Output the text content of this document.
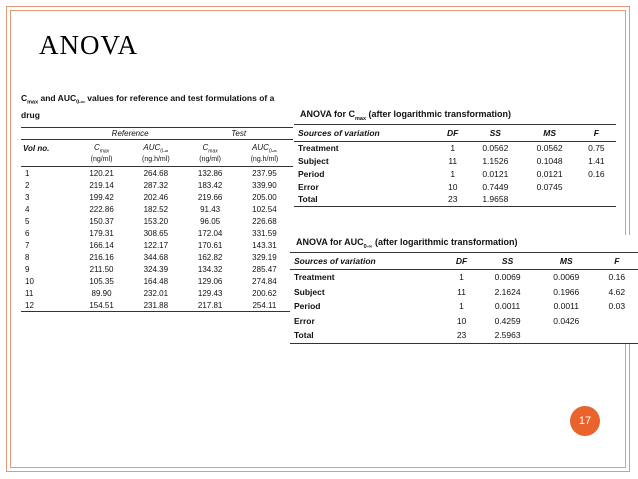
ANOVA
$C_{max}$ and $AUC_{0-\infty}$ values for reference and test formulations of a drug
	Reference		Test	
Vol no.	$C_{max}$	$AUC_{0-\infty}$	$C_{max}$	$AUC_{0-\infty}$
	(ng/ml)	(ng.h/ml)	(ng/ml)	(ng.h/ml)
1	120.21	264.68	132.86	237.95
2	219.14	287.32	183.42	339.90
3	199.42	202.46	219.66	205.00
4	222.86	182.52	91.43	102.54
5	150.37	153.20	96.05	226.68
6	179.31	308.65	172.04	331.59
7	166.14	122.17	170.61	143.31
8	216.16	344.68	162.82	329.19
9	211.50	324.39	134.32	285.47
10	105.35	164.48	129.06	274.84
11	89.90	232.01	129.43	200.62
12	154.51	231.88	217.81	254.11
ANOVA for $C_{max}$ (after logarithmic transformation)
Sources of variation	DF	SS	MS	F
Treatment	1	0.0562	0.0562	0.75
Subject	11	1.1526	0.1048	1.41
Period	1	0.0121	0.0121	0.16
Error	10	0.7449	0.0745	
Total	23	1.9658		
ANOVA for $AUC_{0-\infty}$ (after logarithmic transformation)
Sources of variation	DF	SS	MS	F
Treatment	1	0.0069	0.0069	0.16
Subject	11	2.1624	0.1966	4.62
Period	1	0.0011	0.0011	0.03
Error	10	0.4259	0.0426	
Total	23	2.5963		
17
